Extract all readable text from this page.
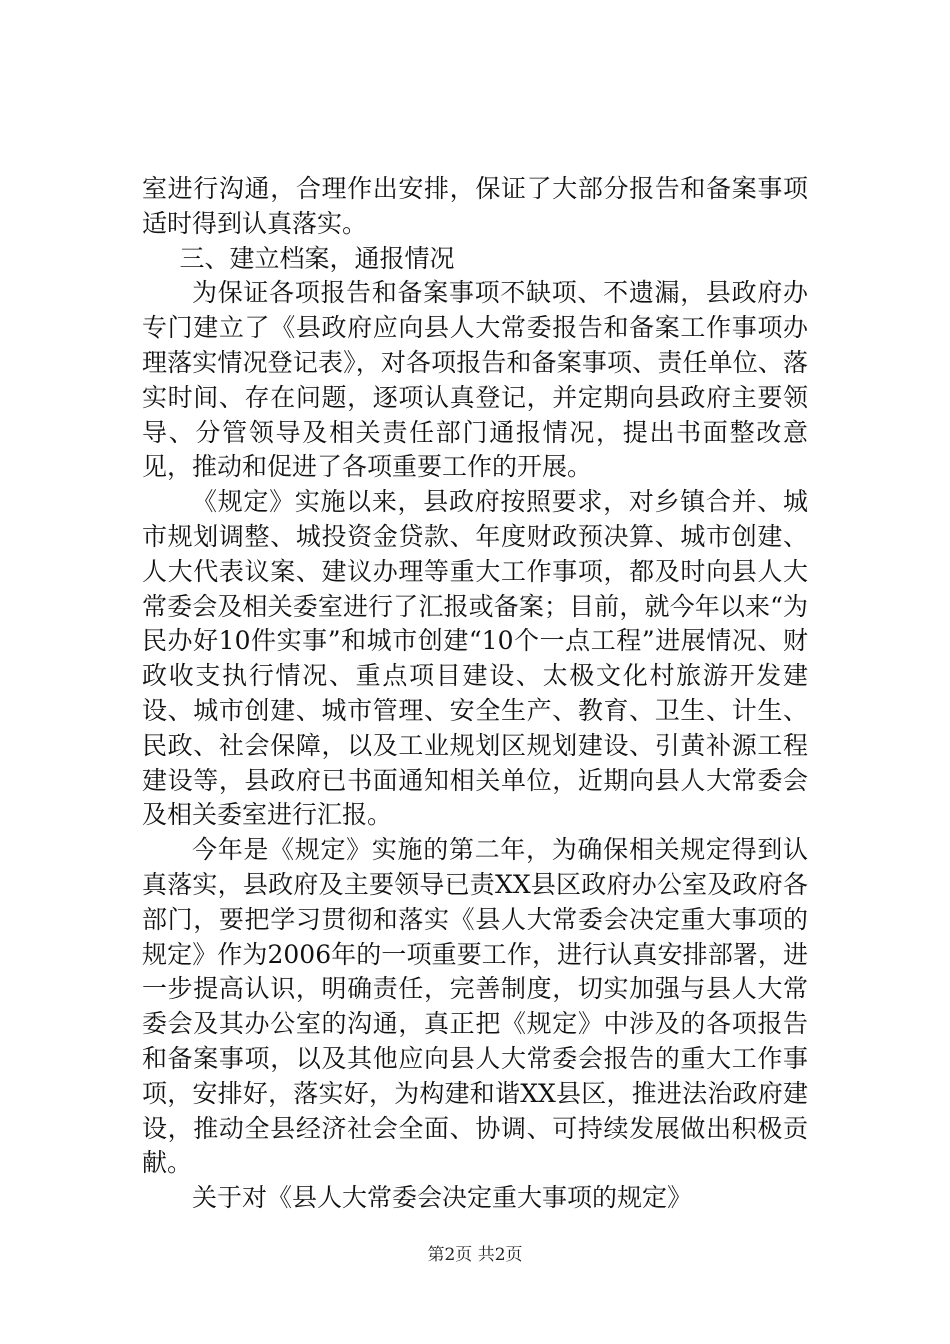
室进行沟通，合理作出安排，保证了大部分报告和备案事项适时得到认真落实。

三、建立档案，通报情况

为保证各项报告和备案事项不缺项、不遗漏，县政府办专门建立了《县政府应向县人大常委报告和备案工作事项办理落实情况登记表》，对各项报告和备案事项、责任单位、落实时间、存在问题，逐项认真登记，并定期向县政府主要领导、分管领导及相关责任部门通报情况，提出书面整改意见，推动和促进了各项重要工作的开展。

《规定》实施以来，县政府按照要求，对乡镇合并、城市规划调整、城投资金贷款、年度财政预决算、城市创建、人大代表议案、建议办理等重大工作事项，都及时向县人大常委会及相关委室进行了汇报或备案；目前，就今年以来“为民办好10件实事”和城市创建“10个一点工程”进展情况、财政收支执行情况、重点项目建设、太极文化村旅游开发建设、城市创建、城市管理、安全生产、教育、卫生、计生、民政、社会保障，以及工业规划区规划建设、引黄补源工程建设等，县政府已书面通知相关单位，近期向县人大常委会及相关委室进行汇报。

今年是《规定》实施的第二年，为确保相关规定得到认真落实，县政府及主要领导已责XX县区政府办公室及政府各部门，要把学习贯彻和落实《县人大常委会决定重大事项的规定》作为2006年的一项重要工作，进行认真安排部署，进一步提高认识，明确责任，完善制度，切实加强与县人大常委会及其办公室的沟通，真正把《规定》中涉及的各项报告和备案事项，以及其他应向县人大常委会报告的重大工作事项，安排好，落实好，为构建和谐XX县区，推进法治政府建设，推动全县经济社会全面、协调、可持续发展做出积极贡献。

关于对《县人大常委会决定重大事项的规定》

第2页 共2页
